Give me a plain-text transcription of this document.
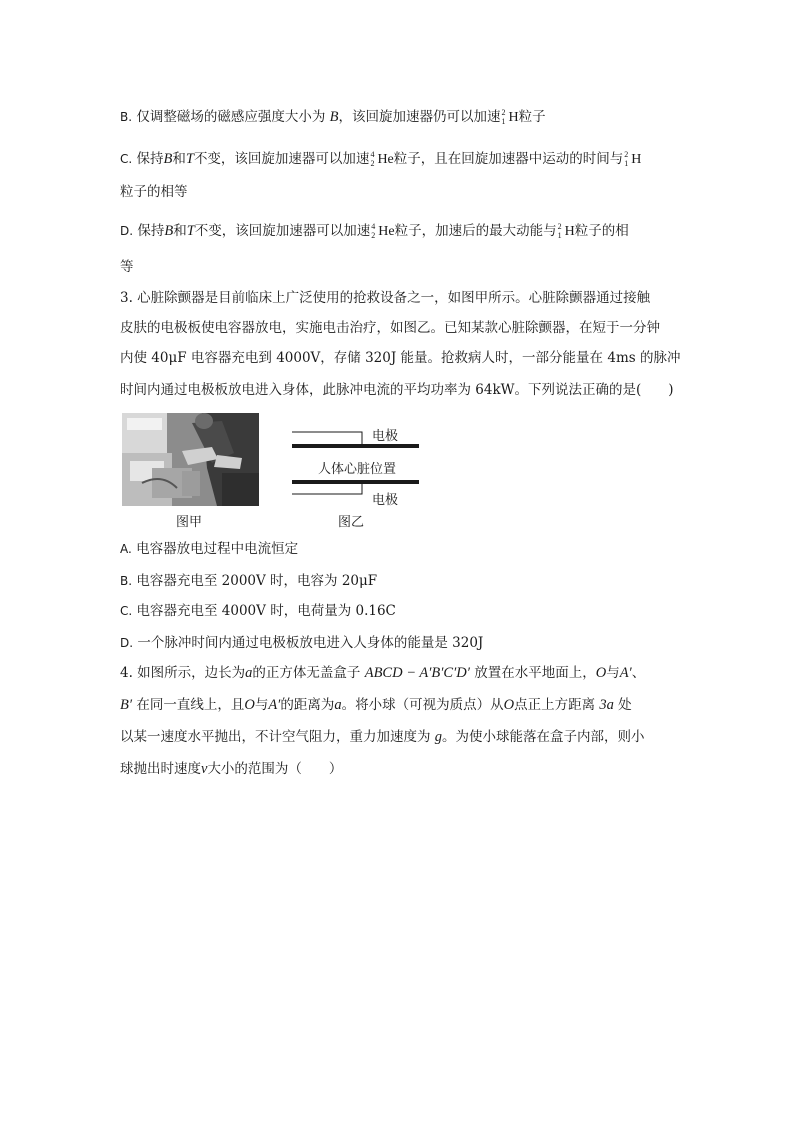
B. 仅调整磁场的磁感应强度大小为 B，该回旋加速器仍可以加速 2
1 H粒子
C. 保持B和T不变，该回旋加速器可以加速 4
2 He粒子，且在回旋加速器中运动的时间与 2
1 H
粒子的相等
D. 保持B和T不变，该回旋加速器可以加速 4
2 He粒子，加速后的最大动能与 2
1 H粒子的相
等
3. 心脏除颤器是目前临床上广泛使用的抢救设备之一，如图甲所示。心脏除颤器通过接触
皮肤的电极板使电容器放电，实施电击治疗，如图乙。已知某款心脏除颤器，在短于一分钟
内使 40μF 电容器充电到 4000V，存储 320J 能量。抢救病人时，一部分能量在 4ms 的脉冲
时间内通过电极板放电进入身体，此脉冲电流的平均功率为 64kW。下列说法正确的是(　　)
图甲
电极
人体心脏位置
电极
图乙
A. 电容器放电过程中电流恒定
B. 电容器充电至 2000V 时，电容为 20μF
C. 电容器充电至 4000V 时，电荷量为 0.16C
D. 一个脉冲时间内通过电极板放电进入人身体的能量是 320J
4. 如图所示，边长为a的正方体无盖盒子 ABCD − A′B′C′D′ 放置在水平地面上，O与A′、
B′ 在同一直线上，且O与A′的距离为a。将小球（可视为质点）从O点正上方距离 3a 处
以某一速度水平抛出，不计空气阻力，重力加速度为 g。为使小球能落在盒子内部，则小
球抛出时速度v大小的范围为（　　）
